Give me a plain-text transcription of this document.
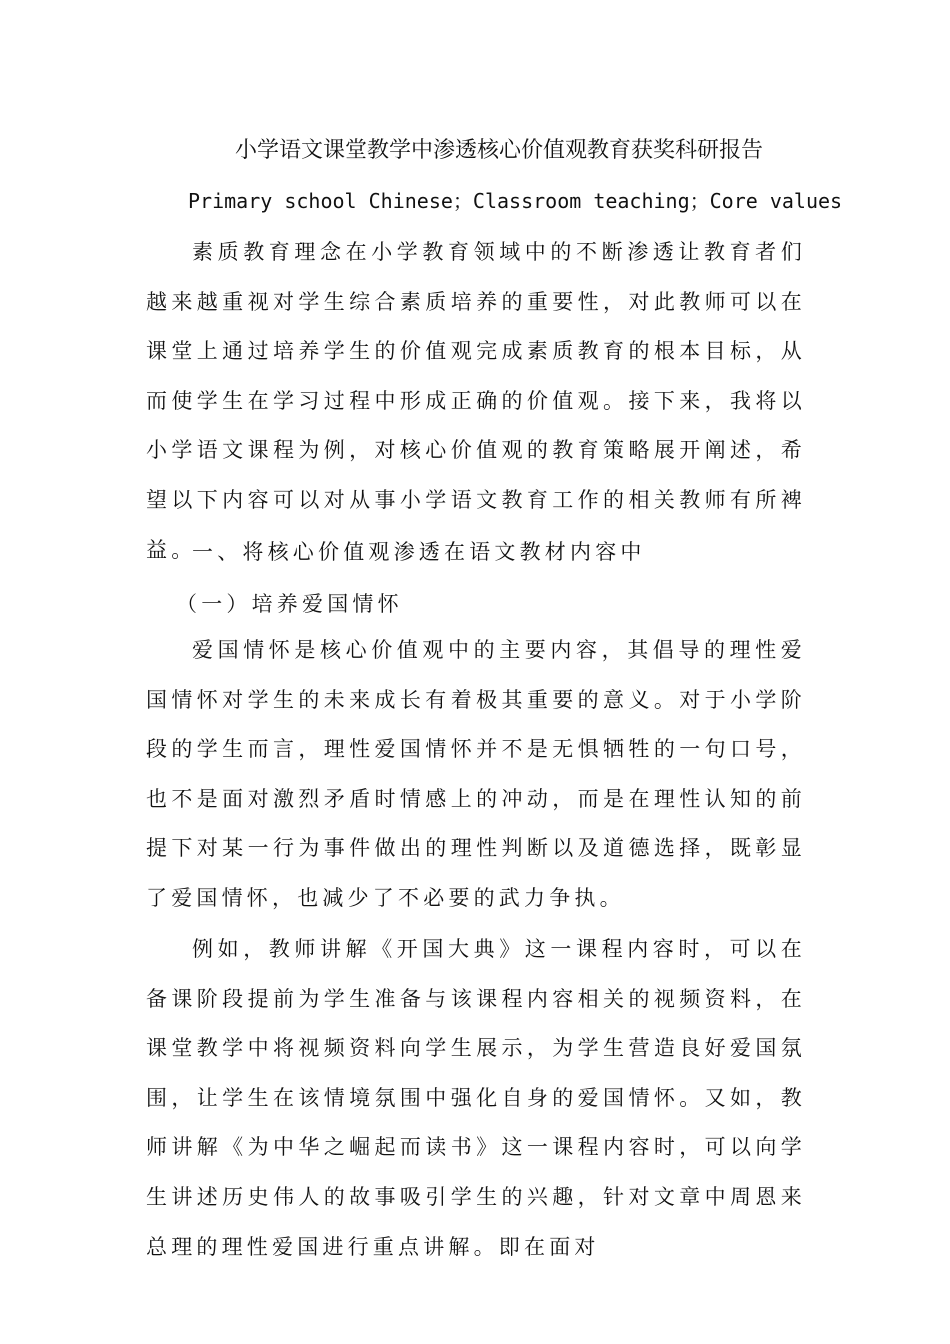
小学语文课堂教学中渗透核心价值观教育获奖科研报告
Primary school Chinese；Classroom teaching；Core values

素质教育理念在小学教育领域中的不断渗透让教育者们越来越重视对学生综合素质培养的重要性，对此教师可以在课堂上通过培养学生的价值观完成素质教育的根本目标，从而使学生在学习过程中形成正确的价值观。接下来，我将以小学语文课程为例，对核心价值观的教育策略展开阐述，希望以下内容可以对从事小学语文教育工作的相关教师有所裨益。

一、将核心价值观渗透在语文教材内容中

（一）培养爱国情怀

爱国情怀是核心价值观中的主要内容，其倡导的理性爱国情怀对学生的未来成长有着极其重要的意义。对于小学阶段的学生而言，理性爱国情怀并不是无惧牺牲的一句口号，也不是面对激烈矛盾时情感上的冲动，而是在理性认知的前提下对某一行为事件做出的理性判断以及道德选择，既彰显了爱国情怀，也减少了不必要的武力争执。

例如，教师讲解《开国大典》这一课程内容时，可以在备课阶段提前为学生准备与该课程内容相关的视频资料，在课堂教学中将视频资料向学生展示，为学生营造良好爱国氛围，让学生在该情境氛围中强化自身的爱国情怀。又如，教师讲解《为中华之崛起而读书》这一课程内容时，可以向学生讲述历史伟人的故事吸引学生的兴趣，针对文章中周恩来总理的理性爱国进行重点讲解。即在面对
